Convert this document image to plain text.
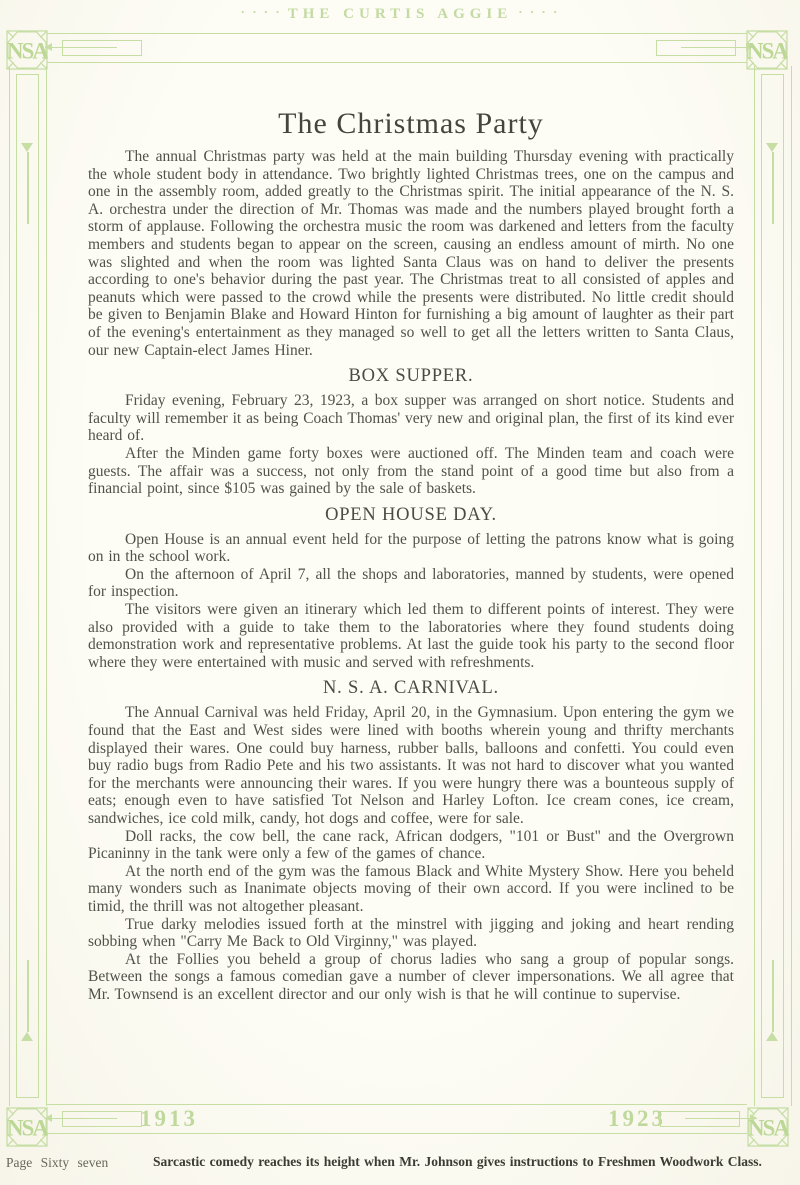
· · · · THE CURTIS AGGIE · · · ·
NSA	NSA
NSA	NSA
1913	1923
The Christmas Party

The annual Christmas party was held at the main building Thursday evening with practically the whole student body in attendance. Two brightly lighted Christmas trees, one on the campus and one in the assembly room, added greatly to the Christmas spirit. The initial appearance of the N. S. A. orchestra under the direction of Mr. Thomas was made and the numbers played brought forth a storm of applause. Following the orchestra music the room was darkened and letters from the faculty members and students began to appear on the screen, causing an endless amount of mirth. No one was slighted and when the room was lighted Santa Claus was on hand to deliver the presents according to one's behavior during the past year. The Christmas treat to all consisted of apples and peanuts which were passed to the crowd while the presents were distributed. No little credit should be given to Benjamin Blake and Howard Hinton for furnishing a big amount of laughter as their part of the evening's entertainment as they managed so well to get all the letters written to Santa Claus, our new Captain-elect James Hiner.

BOX SUPPER.

Friday evening, February 23, 1923, a box supper was arranged on short notice. Students and faculty will remember it as being Coach Thomas' very new and original plan, the first of its kind ever heard of.

After the Minden game forty boxes were auctioned off. The Minden team and coach were guests. The affair was a success, not only from the stand point of a good time but also from a financial point, since $105 was gained by the sale of baskets.

OPEN HOUSE DAY.

Open House is an annual event held for the purpose of letting the patrons know what is going on in the school work.

On the afternoon of April 7, all the shops and laboratories, manned by students, were opened for inspection.

The visitors were given an itinerary which led them to different points of interest. They were also provided with a guide to take them to the laboratories where they found students doing demonstration work and representative problems. At last the guide took his party to the second floor where they were entertained with music and served with refreshments.

N. S. A. CARNIVAL.

The Annual Carnival was held Friday, April 20, in the Gymnasium. Upon entering the gym we found that the East and West sides were lined with booths wherein young and thrifty merchants displayed their wares. One could buy harness, rubber balls, balloons and confetti. You could even buy radio bugs from Radio Pete and his two assistants. It was not hard to discover what you wanted for the merchants were announcing their wares. If you were hungry there was a bounteous supply of eats; enough even to have satisfied Tot Nelson and Harley Lofton. Ice cream cones, ice cream, sandwiches, ice cold milk, candy, hot dogs and coffee, were for sale.

Doll racks, the cow bell, the cane rack, African dodgers, "101 or Bust" and the Overgrown Picaninny in the tank were only a few of the games of chance.

At the north end of the gym was the famous Black and White Mystery Show. Here you beheld many wonders such as Inanimate objects moving of their own accord. If you were inclined to be timid, the thrill was not altogether pleasant.

True darky melodies issued forth at the minstrel with jigging and joking and heart rending sobbing when "Carry Me Back to Old Virginny," was played.

At the Follies you beheld a group of chorus ladies who sang a group of popular songs. Between the songs a famous comedian gave a number of clever impersonations. We all agree that Mr. Townsend is an excellent director and our only wish is that he will continue to supervise.

Page Sixty seven	Sarcastic comedy reaches its height when Mr. Johnson gives instructions to Freshmen Woodwork Class.
